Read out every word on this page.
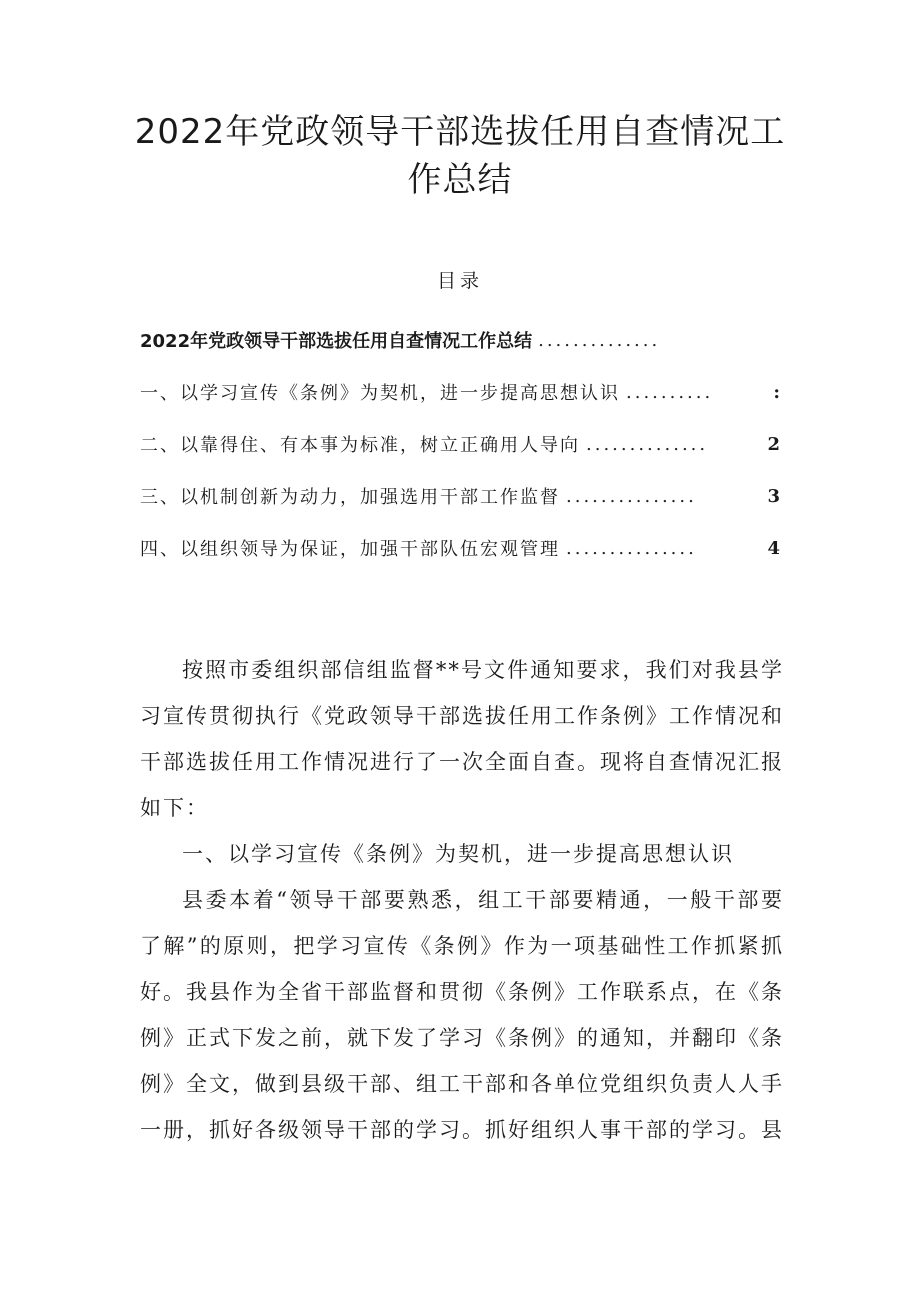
2022年党政领导干部选拔任用自查情况工
作总结
目录
2022年党政领导干部选拔任用自查情况工作总结 ..............
一、以学习宣传《条例》为契机，进一步提高思想认识 ..........	:
二、以靠得住、有本事为标准，树立正确用人导向 ..............	2
三、以机制创新为动力，加强选用干部工作监督 ...............	3
四、以组织领导为保证，加强干部队伍宏观管理 ...............	4

按照市委组织部信组监督**号文件通知要求，我们对我县学习宣传贯彻执行《党政领导干部选拔任用工作条例》工作情况和干部选拔任用工作情况进行了一次全面自查。现将自查情况汇报如下：

一、以学习宣传《条例》为契机，进一步提高思想认识

县委本着“领导干部要熟悉，组工干部要精通，一般干部要了解”的原则，把学习宣传《条例》作为一项基础性工作抓紧抓好。我县作为全省干部监督和贯彻《条例》工作联系点，在《条例》正式下发之前，就下发了学习《条例》的通知，并翻印《条例》全文，做到县级干部、组工干部和各单位党组织负责人人手一册，抓好各级领导干部的学习。抓好组织人事干部的学习。县
